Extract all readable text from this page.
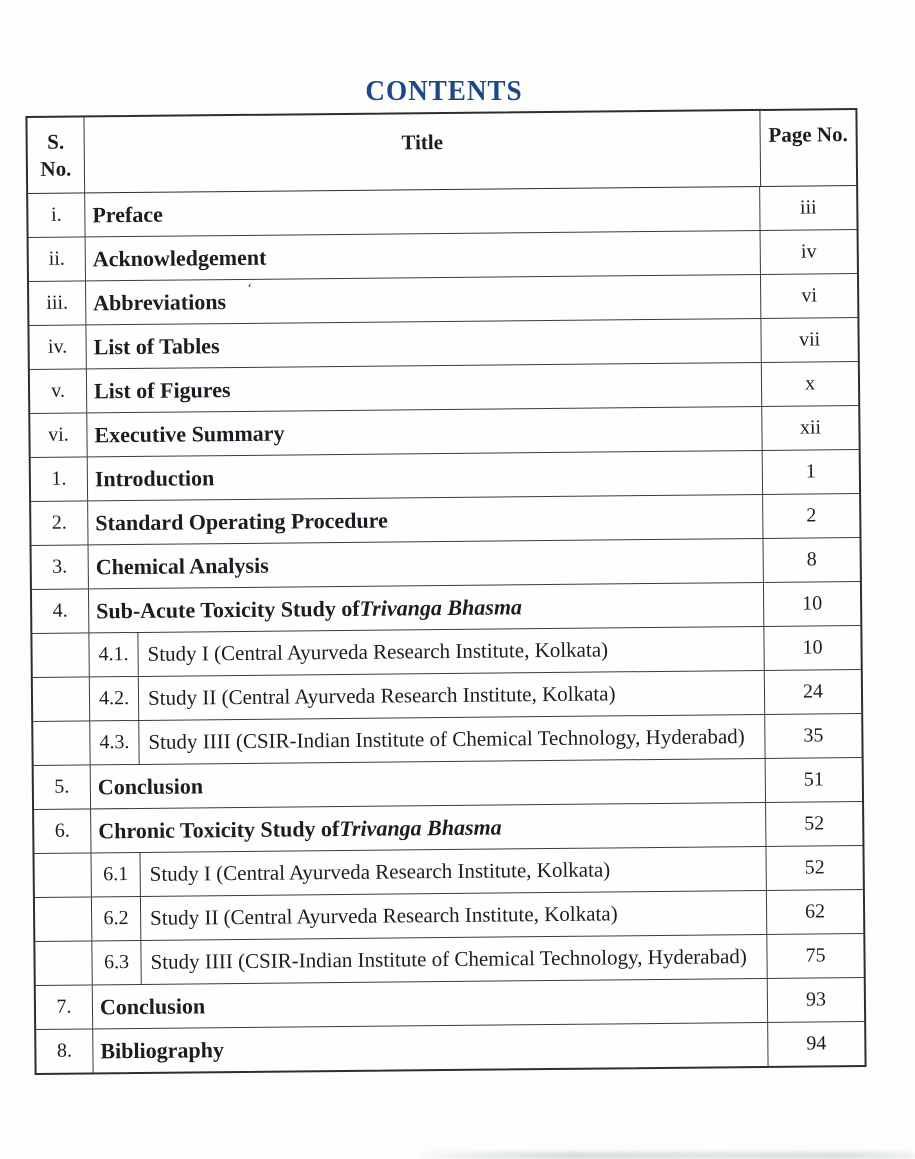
CONTENTS
S.
No.
Title	Page No.
i.	Preface	iii
ii.	Acknowledgement	iv
iii.	Abbreviations	vi
iv.	List of Tables	vii
v.	List of Figures	x
vi.	Executive Summary	xii
1.	Introduction	1
2.	Standard Operating Procedure	2
3.	Chemical Analysis	8
4.	Sub-Acute Toxicity Study of Trivanga Bhasma	10
4.1. Study I (Central Ayurveda Research Institute, Kolkata)	10
4.2. Study II (Central Ayurveda Research Institute, Kolkata)	24
4.3. Study IIII (CSIR-Indian Institute of Chemical Technology, Hyderabad)	35
5.	Conclusion	51
6.	Chronic Toxicity Study of Trivanga Bhasma	52
6.1	Study I (Central Ayurveda Research Institute, Kolkata)	52
6.2	Study II (Central Ayurveda Research Institute, Kolkata)	62
6.3	Study IIII (CSIR-Indian Institute of Chemical Technology, Hyderabad)	75
7.	Conclusion	93
8.	Bibliography	94
‘
